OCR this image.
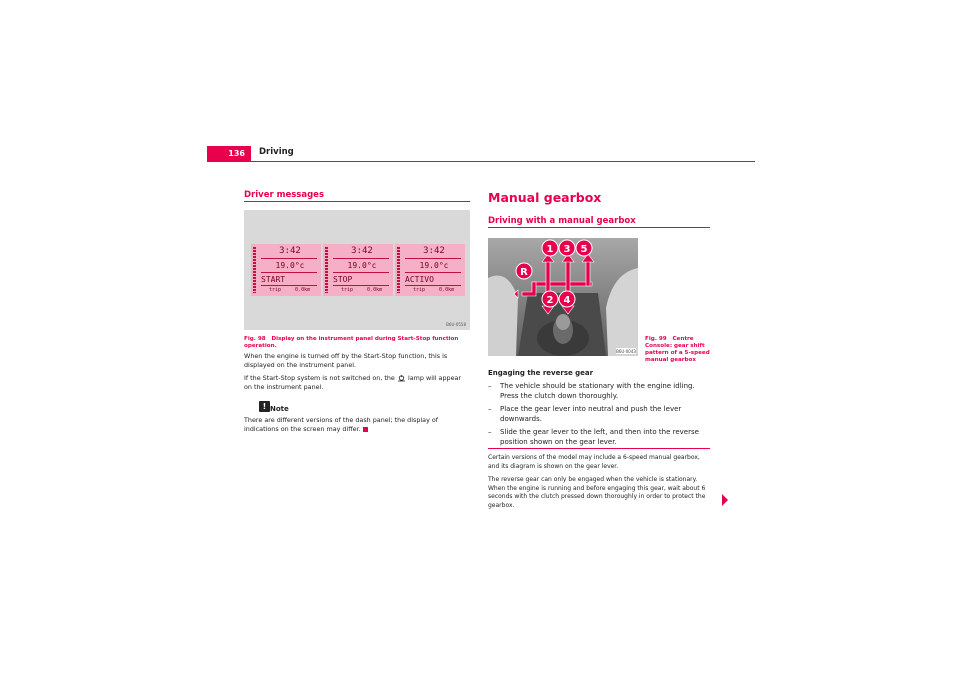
136	Driving
Driver messages
3:42
19.0°c
START
trip	0.0km
3:42
19.0°c
STOP
trip	0.0km
3:42
19.0°c
ACTIVO
trip	0.0km
B6U-0558
Fig. 98 Display on the instrument panel during Start-Stop function operation.
When the engine is turned off by the Start-Stop function, this is displayed on the instrument panel.
If the Start-Stop system is not switched on, the lamp will appear on the instrument panel.
! Note
There are different versions of the dash panel; the display of indications on the screen may differ.
Manual gearbox
Driving with a manual gearbox
1 3 5
R
2 4
B6U-0043
Fig. 99 Centre Console: gear shift pattern of a 5-speed manual gearbox
Engaging the reverse gear
– The vehicle should be stationary with the engine idling. Press the clutch down thoroughly.
– Place the gear lever into neutral and push the lever downwards.
– Slide the gear lever to the left, and then into the reverse position shown on the gear lever.
Certain versions of the model may include a 6-speed manual gearbox, and its diagram is shown on the gear lever.
The reverse gear can only be engaged when the vehicle is stationary. When the engine is running and before engaging this gear, wait about 6 seconds with the clutch pressed down thoroughly in order to protect the gearbox.
